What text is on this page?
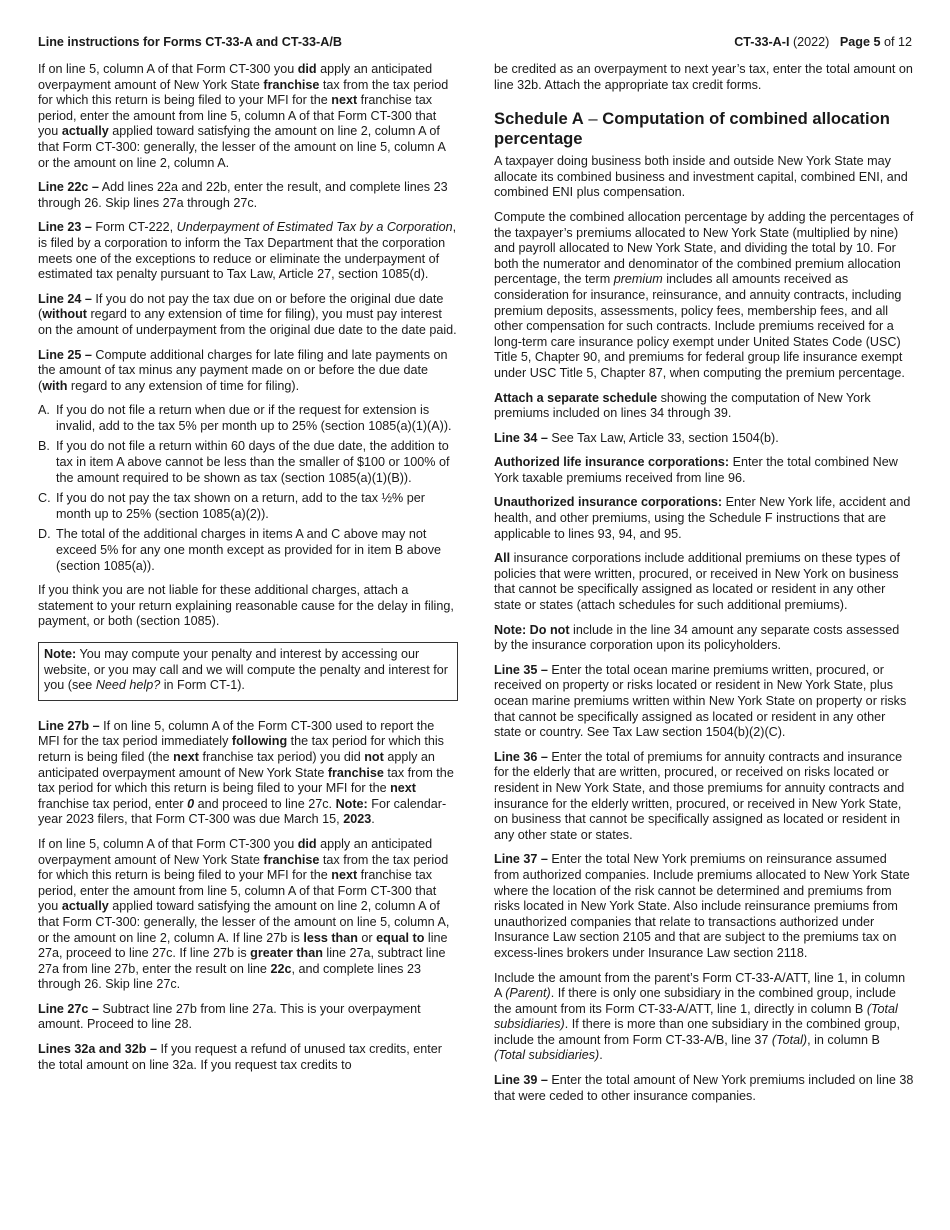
Line instructions for Forms CT-33-A and CT-33-A/B	CT-33-A-I (2022) Page 5 of 12

If on line 5, column A of that Form CT-300 you did apply an anticipated overpayment amount of New York State franchise tax from the tax period for which this return is being filed to your MFI for the next franchise tax period, enter the amount from line 5, column A of that Form CT-300 that you actually applied toward satisfying the amount on line 2, column A of that Form CT-300: generally, the lesser of the amount on line 5, column A or the amount on line 2, column A.

Line 22c – Add lines 22a and 22b, enter the result, and complete lines 23 through 26. Skip lines 27a through 27c.

Line 23 – Form CT-222, Underpayment of Estimated Tax by a Corporation, is filed by a corporation to inform the Tax Department that the corporation meets one of the exceptions to reduce or eliminate the underpayment of estimated tax penalty pursuant to Tax Law, Article 27, section 1085(d).

Line 24 – If you do not pay the tax due on or before the original due date (without regard to any extension of time for filing), you must pay interest on the amount of underpayment from the original due date to the date paid.

Line 25 – Compute additional charges for late filing and late payments on the amount of tax minus any payment made on or before the due date (with regard to any extension of time for filing).

A. If you do not file a return when due or if the request for extension is invalid, add to the tax 5% per month up to 25% (section 1085(a)(1)(A)).
B. If you do not file a return within 60 days of the due date, the addition to tax in item A above cannot be less than the smaller of $100 or 100% of the amount required to be shown as tax (section 1085(a)(1)(B)).
C. If you do not pay the tax shown on a return, add to the tax ½% per month up to 25% (section 1085(a)(2)).
D. The total of the additional charges in items A and C above may not exceed 5% for any one month except as provided for in item B above (section 1085(a)).

If you think you are not liable for these additional charges, attach a statement to your return explaining reasonable cause for the delay in filing, payment, or both (section 1085).

Note: You may compute your penalty and interest by accessing our website, or you may call and we will compute the penalty and interest for you (see Need help? in Form CT-1).

Line 27b – If on line 5, column A of the Form CT-300 used to report the MFI for the tax period immediately following the tax period for which this return is being filed (the next franchise tax period) you did not apply an anticipated overpayment amount of New York State franchise tax from the tax period for which this return is being filed to your MFI for the next franchise tax period, enter 0 and proceed to line 27c. Note: For calendar-year 2023 filers, that Form CT-300 was due March 15, 2023.

If on line 5, column A of that Form CT-300 you did apply an anticipated overpayment amount of New York State franchise tax from the tax period for which this return is being filed to your MFI for the next franchise tax period, enter the amount from line 5, column A of that Form CT-300 that you actually applied toward satisfying the amount on line 2, column A of that Form CT-300: generally, the lesser of the amount on line 5, column A, or the amount on line 2, column A. If line 27b is less than or equal to line 27a, proceed to line 27c. If line 27b is greater than line 27a, subtract line 27a from line 27b, enter the result on line 22c, and complete lines 23 through 26. Skip line 27c.

Line 27c – Subtract line 27b from line 27a. This is your overpayment amount. Proceed to line 28.

Lines 32a and 32b – If you request a refund of unused tax credits, enter the total amount on line 32a. If you request tax credits to

be credited as an overpayment to next year’s tax, enter the total amount on line 32b. Attach the appropriate tax credit forms.

Schedule A – Computation of combined allocation percentage

A taxpayer doing business both inside and outside New York State may allocate its combined business and investment capital, combined ENI, and combined ENI plus compensation.

Compute the combined allocation percentage by adding the percentages of the taxpayer’s premiums allocated to New York State (multiplied by nine) and payroll allocated to New York State, and dividing the total by 10. For both the numerator and denominator of the combined premium allocation percentage, the term premium includes all amounts received as consideration for insurance, reinsurance, and annuity contracts, including premium deposits, assessments, policy fees, membership fees, and all other compensation for such contracts. Include premiums received for a long-term care insurance policy exempt under United States Code (USC) Title 5, Chapter 90, and premiums for federal group life insurance exempt under USC Title 5, Chapter 87, when computing the premium percentage.

Attach a separate schedule showing the computation of New York premiums included on lines 34 through 39.

Line 34 – See Tax Law, Article 33, section 1504(b).

Authorized life insurance corporations: Enter the total combined New York taxable premiums received from line 96.

Unauthorized insurance corporations: Enter New York life, accident and health, and other premiums, using the Schedule F instructions that are applicable to lines 93, 94, and 95.

All insurance corporations include additional premiums on these types of policies that were written, procured, or received in New York on business that cannot be specifically assigned as located or resident in any other state or states (attach schedules for such additional premiums).

Note: Do not include in the line 34 amount any separate costs assessed by the insurance corporation upon its policyholders.

Line 35 – Enter the total ocean marine premiums written, procured, or received on property or risks located or resident in New York State, plus ocean marine premiums written within New York State on property or risks that cannot be specifically assigned as located or resident in any other state or country. See Tax Law section 1504(b)(2)(C).

Line 36 – Enter the total of premiums for annuity contracts and insurance for the elderly that are written, procured, or received on risks located or resident in New York State, and those premiums for annuity contracts and insurance for the elderly written, procured, or received in New York State, on business that cannot be specifically assigned as located or resident in any other state or states.

Line 37 – Enter the total New York premiums on reinsurance assumed from authorized companies. Include premiums allocated to New York State where the location of the risk cannot be determined and premiums from risks located in New York State. Also include reinsurance premiums from unauthorized companies that relate to transactions authorized under Insurance Law section 2105 and that are subject to the premiums tax on excess-lines brokers under Insurance Law section 2118.

Include the amount from the parent’s Form CT-33-A/ATT, line 1, in column A (Parent). If there is only one subsidiary in the combined group, include the amount from its Form CT-33-A/ATT, line 1, directly in column B (Total subsidiaries). If there is more than one subsidiary in the combined group, include the amount from Form CT-33-A/B, line 37 (Total), in column B (Total subsidiaries).

Line 39 – Enter the total amount of New York premiums included on line 38 that were ceded to other insurance companies.
